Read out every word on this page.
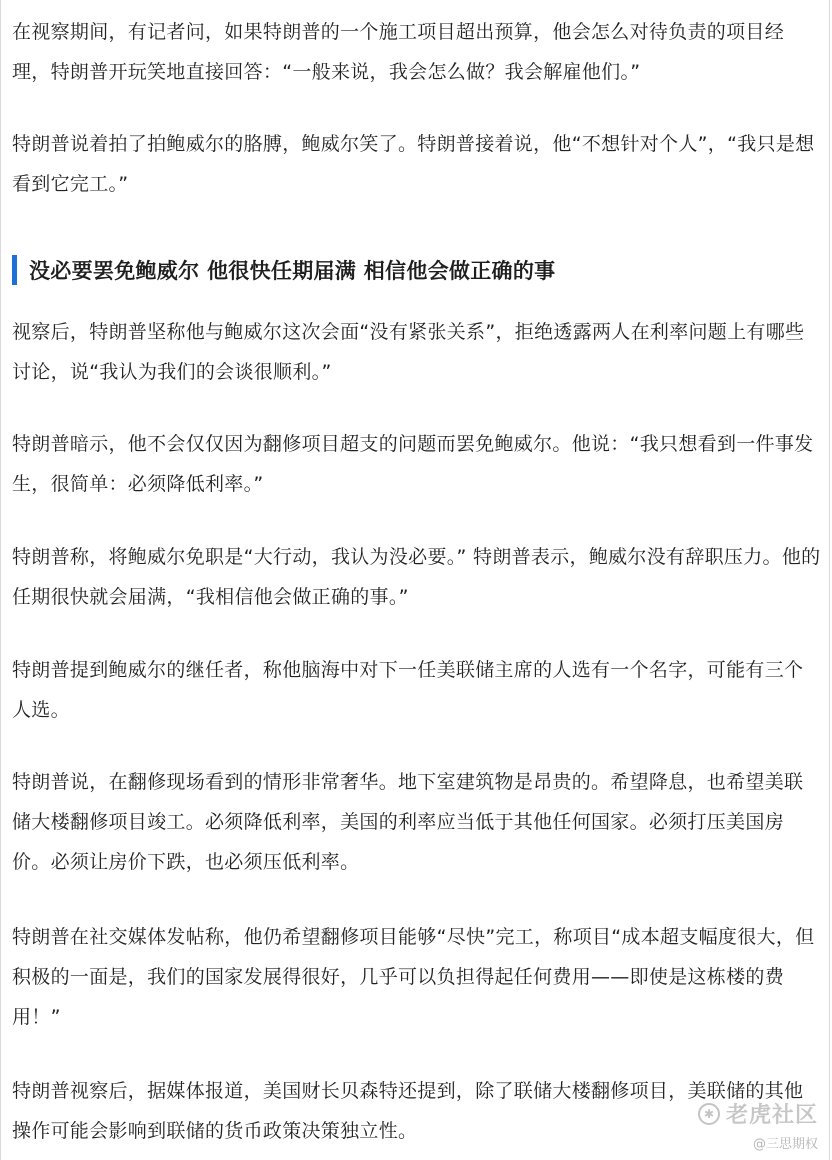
在视察期间，有记者问，如果特朗普的一个施工项目超出预算，他会怎么对待负责的项目经理，特朗普开玩笑地直接回答：“一般来说，我会怎么做？我会解雇他们。”

特朗普说着拍了拍鲍威尔的胳膊，鲍威尔笑了。特朗普接着说，他“不想针对个人”，“我只是想看到它完工。”

没必要罢免鲍威尔 他很快任期届满 相信他会做正确的事

视察后，特朗普坚称他与鲍威尔这次会面“没有紧张关系”，拒绝透露两人在利率问题上有哪些讨论，说“我认为我们的会谈很顺利。”

特朗普暗示，他不会仅仅因为翻修项目超支的问题而罢免鲍威尔。他说：“我只想看到一件事发生，很简单：必须降低利率。”

特朗普称，将鲍威尔免职是“大行动，我认为没必要。” 特朗普表示，鲍威尔没有辞职压力。他的任期很快就会届满，“我相信他会做正确的事。”

特朗普提到鲍威尔的继任者，称他脑海中对下一任美联储主席的人选有一个名字，可能有三个人选。

特朗普说，在翻修现场看到的情形非常奢华。地下室建筑物是昂贵的。希望降息，也希望美联储大楼翻修项目竣工。必须降低利率，美国的利率应当低于其他任何国家。必须打压美国房价。必须让房价下跌，也必须压低利率。

特朗普在社交媒体发帖称，他仍希望翻修项目能够“尽快”完工，称项目“成本超支幅度很大，但积极的一面是，我们的国家发展得很好，几乎可以负担得起任何费用——即使是这栋楼的费用！”

特朗普视察后，据媒体报道，美国财长贝森特还提到，除了联储大楼翻修项目，美联储的其他操作可能会影响到联储的货币政策决策独立性。

✱ 老虎社区
@三思期权
